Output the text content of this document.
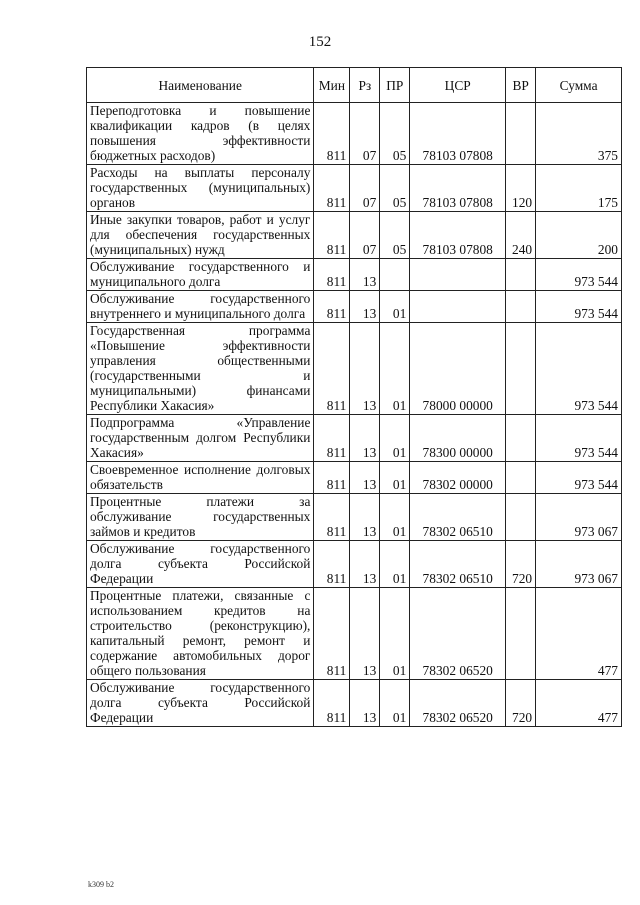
152
Наименование	Мин	Рз	ПР	ЦСР	ВР	Сумма
Переподготовка и повышение квалификации кадров (в целях повышения эффективности бюджетных расходов)	811	07	05	78103 07808		375
Расходы на выплаты персоналу государственных (муниципальных) органов	811	07	05	78103 07808	120	175
Иные закупки товаров, работ и услуг для обеспечения государственных (муниципальных) нужд	811	07	05	78103 07808	240	200
Обслуживание государственного и муниципального долга	811	13				973 544
Обслуживание государственного внутреннего и муниципального долга	811	13	01			973 544
Государственная программа «Повышение эффективности управления общественными (государственными и муниципальными) финансами Республики Хакасия»	811	13	01	78000 00000		973 544
Подпрограмма «Управление государственным долгом Республики Хакасия»	811	13	01	78300 00000		973 544
Своевременное исполнение долговых обязательств	811	13	01	78302 00000		973 544
Процентные платежи за обслуживание государственных займов и кредитов	811	13	01	78302 06510		973 067
Обслуживание государственного долга субъекта Российской Федерации	811	13	01	78302 06510	720	973 067
Процентные платежи, связанные с использованием кредитов на строительство (реконструкцию), капитальный ремонт, ремонт и содержание автомобильных дорог общего пользования	811	13	01	78302 06520		477
Обслуживание государственного долга субъекта Российской Федерации	811	13	01	78302 06520	720	477
k309 b2
